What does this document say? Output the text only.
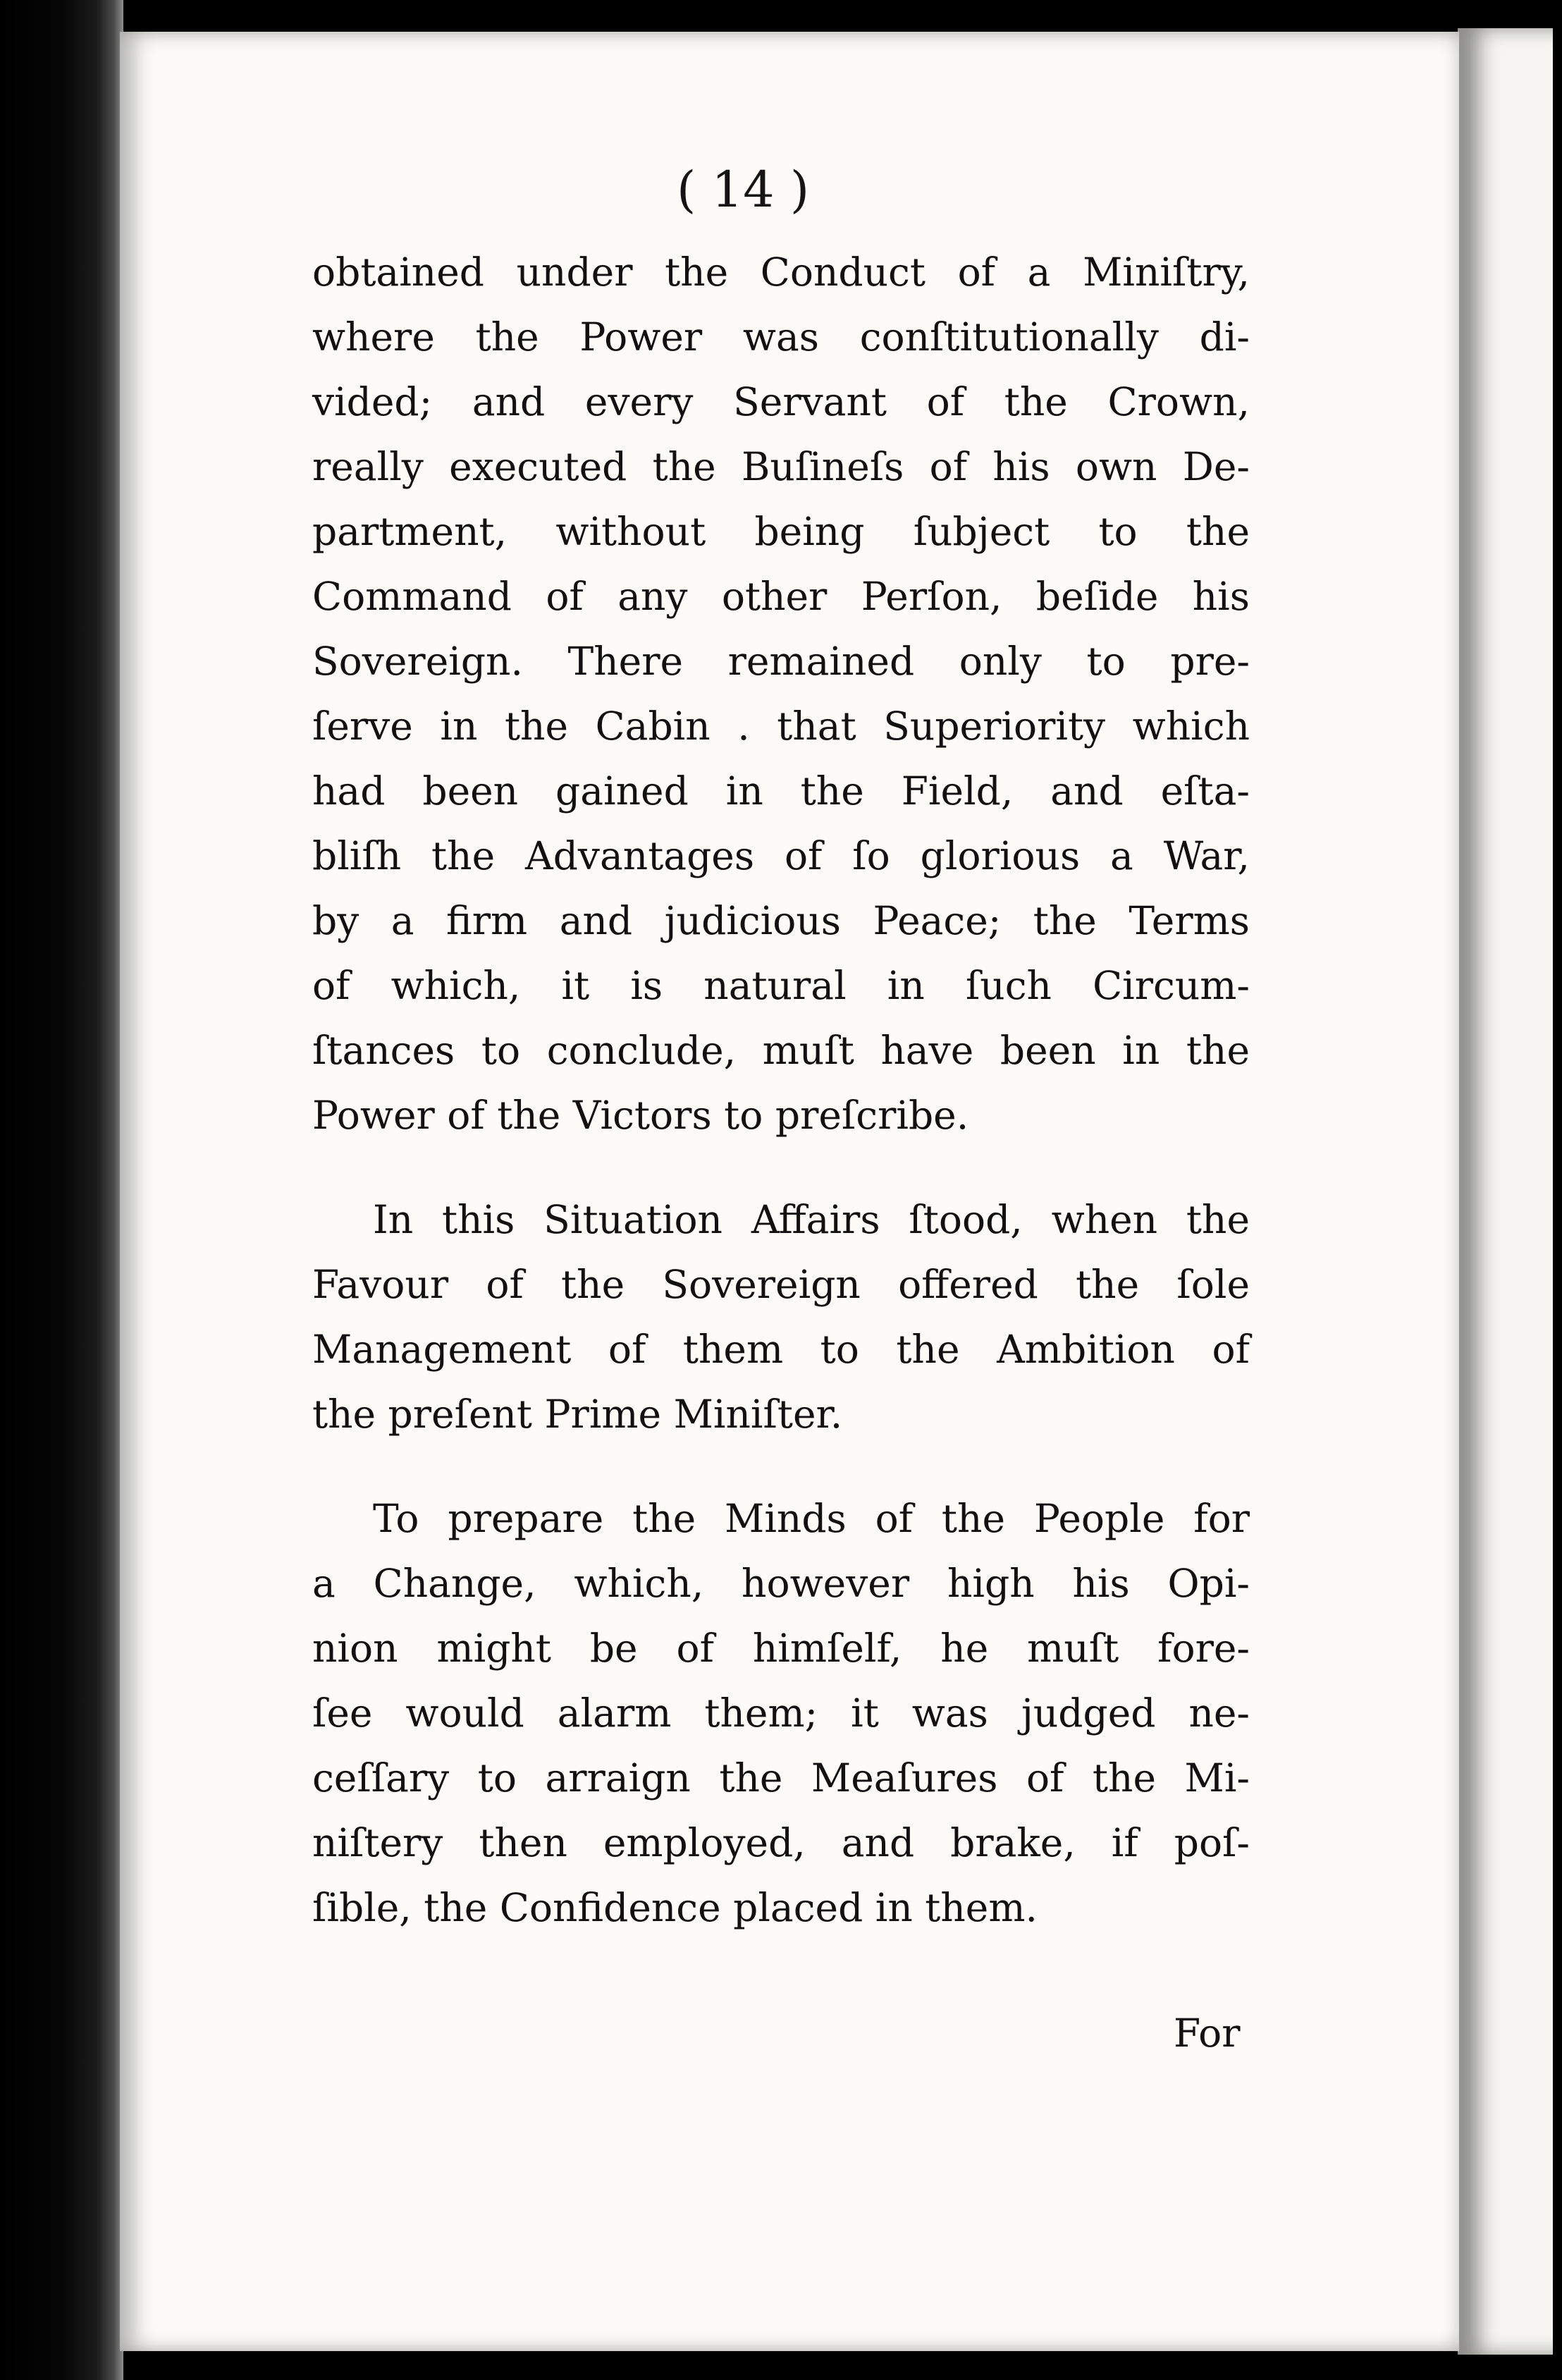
( 14 )
obtained under the Conduct of a Miniſtry,
where the Power was conſtitutionally di-
vided; and every Servant of the Crown,
really executed the Buſineſs of his own De-
partment, without being ſubject to the
Command of any other Perſon, beſide his
Sovereign. There remained only to pre-
ſerve in the Cabin . that Superiority which
had been gained in the Field, and eſta-
bliſh the Advantages of ſo glorious a War,
by a firm and judicious Peace; the Terms
of which, it is natural in ſuch Circum-
ſtances to conclude, muſt have been in the
Power of the Victors to preſcribe.
In this Situation Affairs ſtood, when the
Favour of the Sovereign offered the ſole
Management of them to the Ambition of
the preſent Prime Miniſter.
To prepare the Minds of the People for
a Change, which, however high his Opi-
nion might be of himſelf, he muſt fore-
ſee would alarm them; it was judged ne-
ceſſary to arraign the Meaſures of the Mi-
niſtery then employed, and brake, if poſ-
ſible, the Confidence placed in them.
For
